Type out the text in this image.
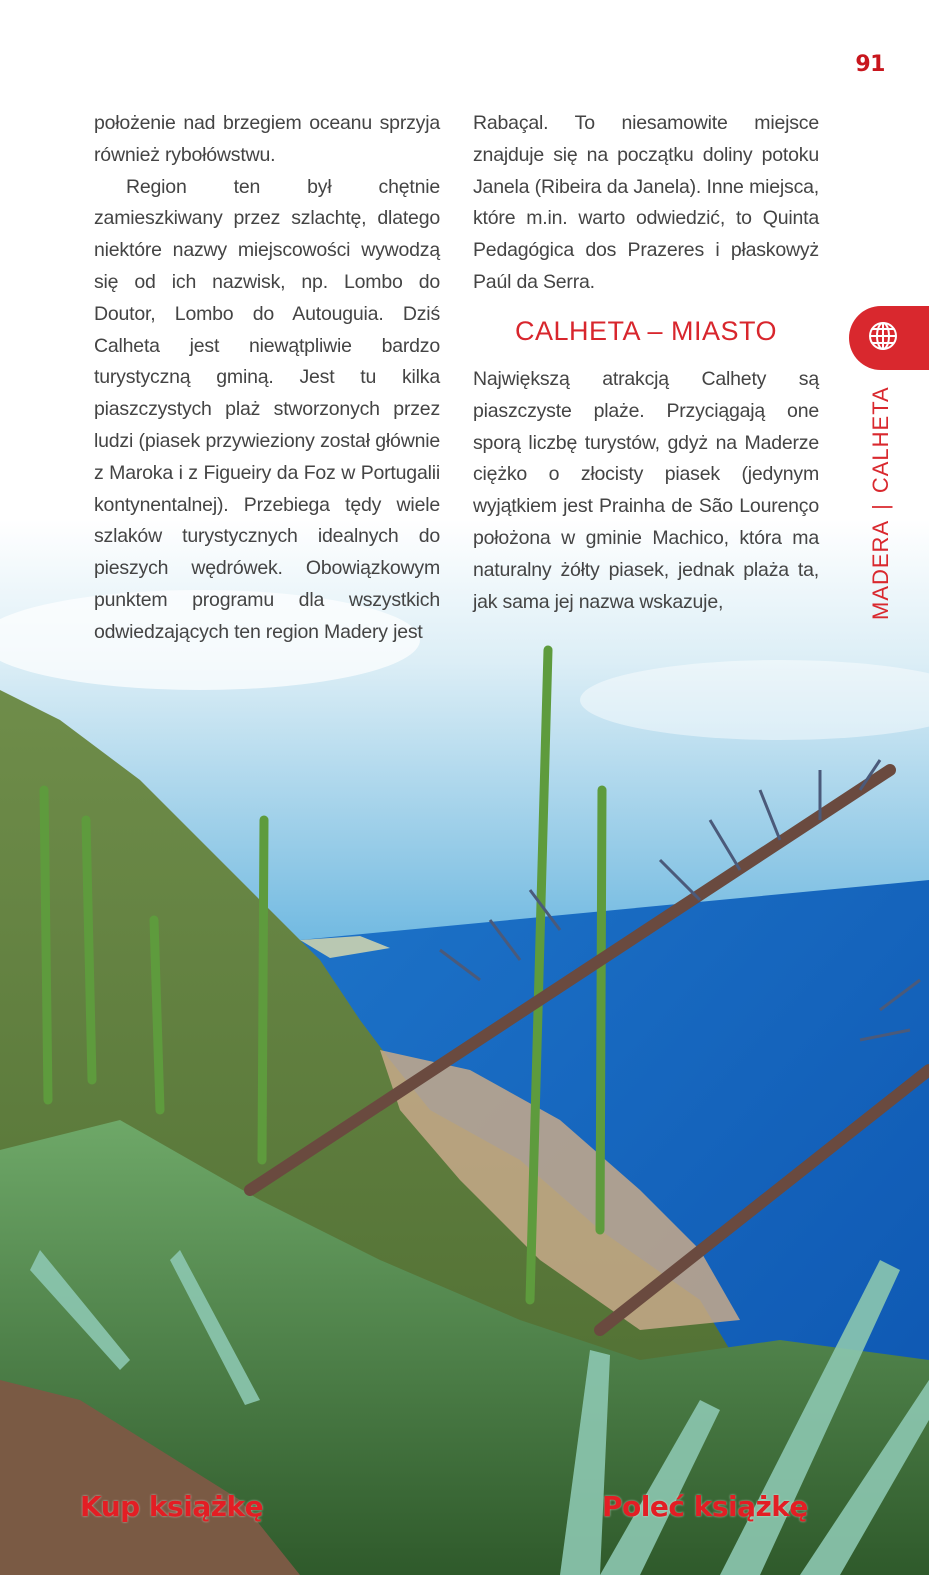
91

położenie nad brzegiem oceanu sprzyja również rybołówstwu.

Region ten był chętnie zamieszkiwany przez szlachtę, dlatego niektóre nazwy miejscowości wywodzą się od ich nazwisk, np. Lombo do Doutor, Lombo do Autouguia. Dziś Calheta jest niewątpliwie bardzo turystyczną gminą. Jest tu kilka piaszczystych plaż stworzonych przez ludzi (piasek przywieziony został głównie z Maroka i z Figueiry da Foz w Portugalii kontynentalnej). Przebiega tędy wiele szlaków turystycznych idealnych do pieszych wędrówek. Obowiązkowym punktem programu dla wszystkich odwiedzających ten region Madery jest

Rabaçal. To niesamowite miejsce znajduje się na początku doliny potoku Janela (Ribeira da Janela). Inne miejsca, które m.in. warto odwiedzić, to Quinta Pedagógica dos Prazeres i płaskowyż Paúl da Serra.

CALHETA – MIASTO

Największą atrakcją Calhety są piaszczyste plaże. Przyciągają one sporą liczbę turystów, gdyż na Maderze ciężko o złocisty piasek (jedynym wyjątkiem jest Prainha de São Lourenço położona w gminie Machico, która ma naturalny żółty piasek, jednak plaża ta, jak sama jej nazwa wskazuje,	MADERA|CALHETA
Kup książkę	Poleć książkę
